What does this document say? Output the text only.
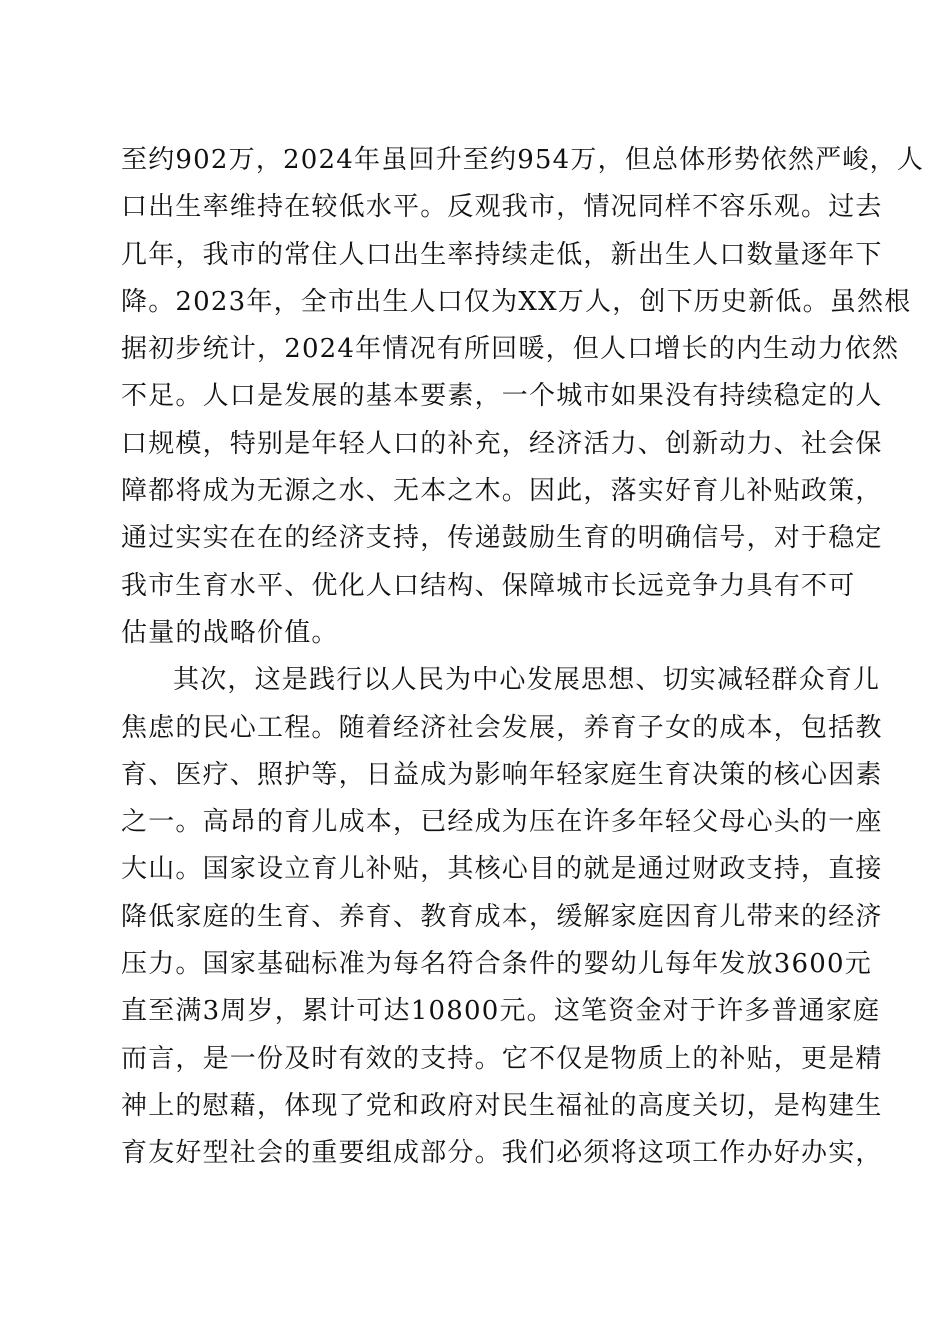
至约902万，2024年虽回升至约954万，但总体形势依然严峻，人
口出生率维持在较低水平。反观我市，情况同样不容乐观。过去
几年，我市的常住人口出生率持续走低，新出生人口数量逐年下
降。2023年，全市出生人口仅为XX万人，创下历史新低。虽然根
据初步统计，2024年情况有所回暖，但人口增长的内生动力依然
不足。人口是发展的基本要素，一个城市如果没有持续稳定的人
口规模，特别是年轻人口的补充，经济活力、创新动力、社会保
障都将成为无源之水、无本之木。因此，落实好育儿补贴政策，
通过实实在在的经济支持，传递鼓励生育的明确信号，对于稳定
我市生育水平、优化人口结构、保障城市长远竞争力具有不可
估量的战略价值。
其次，这是践行以人民为中心发展思想、切实减轻群众育儿
焦虑的民心工程。随着经济社会发展，养育子女的成本，包括教
育、医疗、照护等，日益成为影响年轻家庭生育决策的核心因素
之一。高昂的育儿成本，已经成为压在许多年轻父母心头的一座
大山。国家设立育儿补贴，其核心目的就是通过财政支持，直接
降低家庭的生育、养育、教育成本，缓解家庭因育儿带来的经济
压力。国家基础标准为每名符合条件的婴幼儿每年发放3600元
直至满3周岁，累计可达10800元。这笔资金对于许多普通家庭
而言，是一份及时有效的支持。它不仅是物质上的补贴，更是精
神上的慰藉，体现了党和政府对民生福祉的高度关切，是构建生
育友好型社会的重要组成部分。我们必须将这项工作办好办实，
